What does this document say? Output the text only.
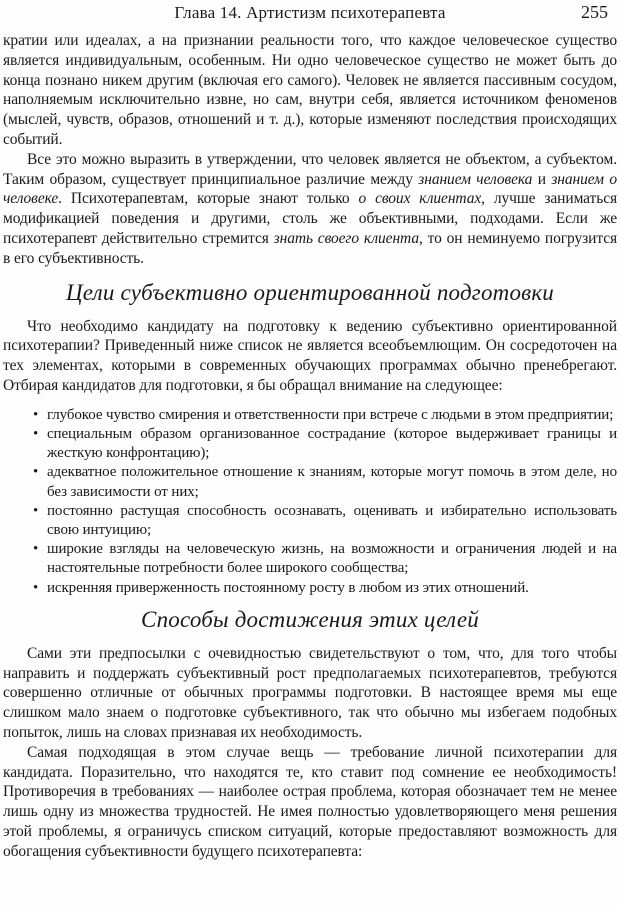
Глава 14. Артистизм психотерапевта	255

кратии или идеалах, а на признании реальности того, что каждое человеческое существо является индивидуальным, особенным. Ни одно человеческое существо не может быть до конца познано никем другим (включая его самого). Человек не является пассивным сосудом, наполняемым исключительно извне, но сам, внутри себя, является источником феноменов (мыслей, чувств, образов, отношений и т. д.), которые изменяют последствия происходящих событий.

Все это можно выразить в утверждении, что человек является не объектом, а субъектом. Таким образом, существует принципиальное различие между знанием человека и знанием о человеке. Психотерапевтам, которые знают только о своих клиентах, лучше заниматься модификацией поведения и другими, столь же объективными, подходами. Если же психотерапевт действительно стремится знать своего клиента, то он неминуемо погрузится в его субъективность.

Цели субъективно ориентированной подготовки

Что необходимо кандидату на подготовку к ведению субъективно ориентированной психотерапии? Приведенный ниже список не является всеобъемлющим. Он сосредоточен на тех элементах, которыми в современных обучающих программах обычно пренебрегают. Отбирая кандидатов для подготовки, я бы обращал внимание на следующее:

• глубокое чувство смирения и ответственности при встрече с людьми в этом предприятии;
• специальным образом организованное сострадание (которое выдерживает границы и жесткую конфронтацию);
• адекватное положительное отношение к знаниям, которые могут помочь в этом деле, но без зависимости от них;
• постоянно растущая способность осознавать, оценивать и избирательно использовать свою интуицию;
• широкие взгляды на человеческую жизнь, на возможности и ограничения людей и на настоятельные потребности более широкого сообщества;
• искренняя приверженность постоянному росту в любом из этих отношений.
Способы достижения этих целей

Сами эти предпосылки с очевидностью свидетельствуют о том, что, для того чтобы направить и поддержать субъективный рост предполагаемых психотерапевтов, требуются совершенно отличные от обычных программы подготовки. В настоящее время мы еще слишком мало знаем о подготовке субъективного, так что обычно мы избегаем подобных попыток, лишь на словах признавая их необходимость.

Самая подходящая в этом случае вещь — требование личной психотерапии для кандидата. Поразительно, что находятся те, кто ставит под сомнение ее необходимость! Противоречия в требованиях — наиболее острая проблема, которая обозначает тем не менее лишь одну из множества трудностей. Не имея полностью удовлетворяющего меня решения этой проблемы, я ограничусь списком ситуаций, которые предоставляют возможность для обогащения субъективности будущего психотерапевта:
